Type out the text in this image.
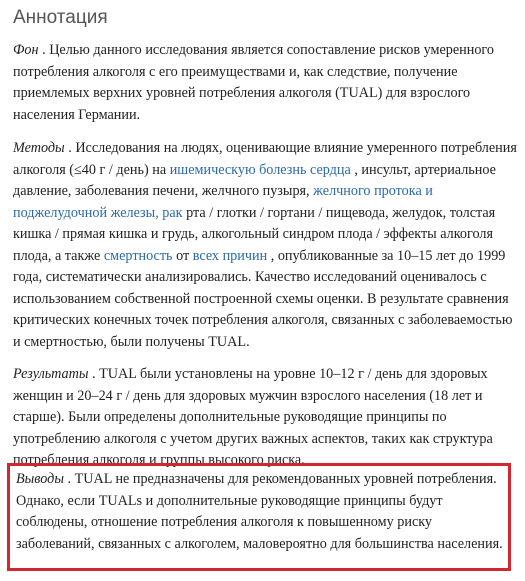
Аннотация

Фон . Целью данного исследования является сопоставление рисков умеренного потребления алкоголя с его преимуществами и, как следствие, получение приемлемых верхних уровней потребления алкоголя (TUAL) для взрослого населения Германии.

Методы . Исследования на людях, оценивающие влияние умеренного потребления алкоголя (≤40 г / день) на ишемическую болезнь сердца , инсульт, артериальное давление, заболевания печени, желчного пузыря, желчного протока и поджелудочной железы, рак рта / глотки / гортани / пищевода, желудок, толстая кишка / прямая кишка и грудь, алкогольный синдром плода / эффекты алкоголя плода, а также смертность от всех причин , опубликованные за 10–15 лет до 1999 года, систематически анализировались. Качество исследований оценивалось с использованием собственной построенной схемы оценки. В результате сравнения критических конечных точек потребления алкоголя, связанных с заболеваемостью и смертностью, были получены TUAL.

Результаты . TUAL были установлены на уровне 10–12 г / день для здоровых женщин и 20–24 г / день для здоровых мужчин взрослого населения (18 лет и старше). Были определены дополнительные руководящие принципы по употреблению алкоголя с учетом других важных аспектов, таких как структура потребления алкоголя и группы высокого риска.

Выводы . TUAL не предназначены для рекомендованных уровней потребления. Однако, если TUALs и дополнительные руководящие принципы будут соблюдены, отношение потребления алкоголя к повышенному риску заболеваний, связанных с алкоголем, маловероятно для большинства населения.
